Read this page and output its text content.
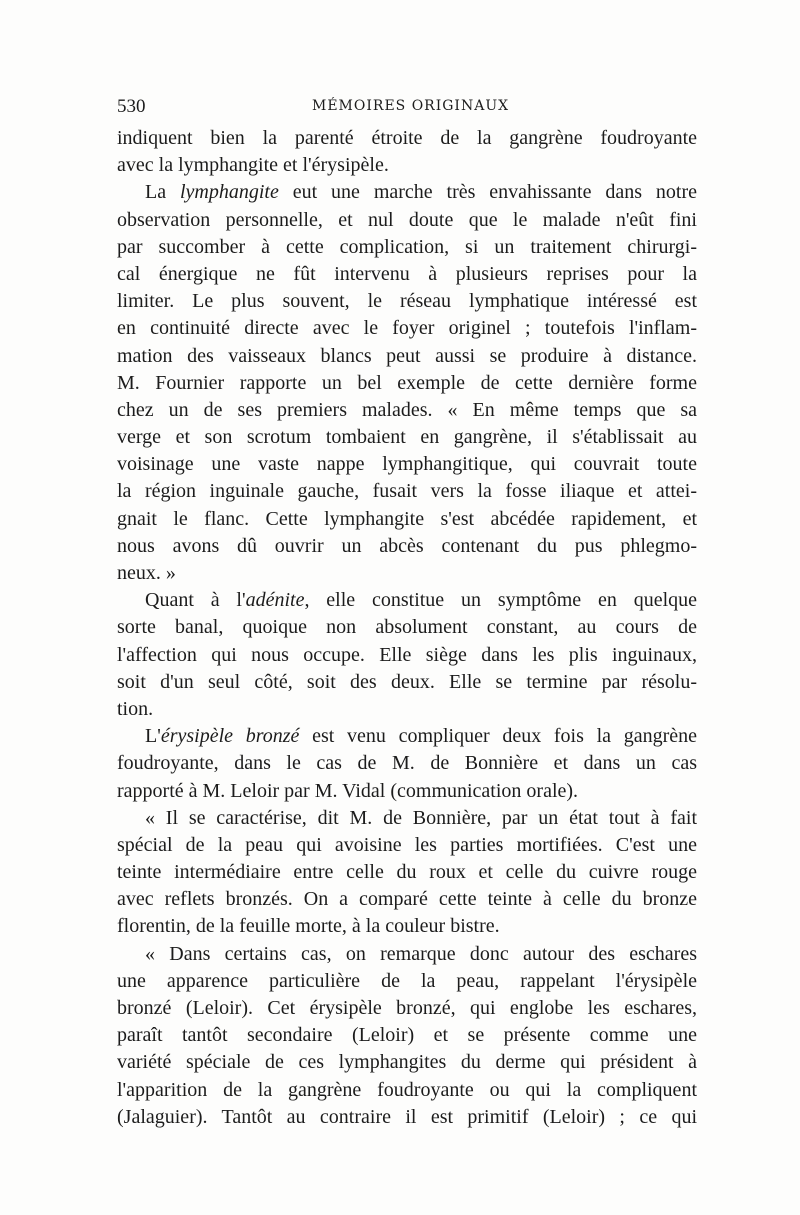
530	MÉMOIRES ORIGINAUX
indiquent bien la parenté étroite de la gangrène foudroyante
avec la lymphangite et l'érysipèle.
La lymphangite eut une marche très envahissante dans notre
observation personnelle, et nul doute que le malade n'eût fini
par succomber à cette complication, si un traitement chirurgi-
cal énergique ne fût intervenu à plusieurs reprises pour la
limiter. Le plus souvent, le réseau lymphatique intéressé est
en continuité directe avec le foyer originel ; toutefois l'inflam-
mation des vaisseaux blancs peut aussi se produire à distance.
M. Fournier rapporte un bel exemple de cette dernière forme
chez un de ses premiers malades. « En même temps que sa
verge et son scrotum tombaient en gangrène, il s'établissait au
voisinage une vaste nappe lymphangitique, qui couvrait toute
la région inguinale gauche, fusait vers la fosse iliaque et attei-
gnait le flanc. Cette lymphangite s'est abcédée rapidement, et
nous avons dû ouvrir un abcès contenant du pus phlegmo-
neux. »
Quant à l'adénite, elle constitue un symptôme en quelque
sorte banal, quoique non absolument constant, au cours de
l'affection qui nous occupe. Elle siège dans les plis inguinaux,
soit d'un seul côté, soit des deux. Elle se termine par résolu-
tion.
L'érysipèle bronzé est venu compliquer deux fois la gangrène
foudroyante, dans le cas de M. de Bonnière et dans un cas
rapporté à M. Leloir par M. Vidal (communication orale).
« Il se caractérise, dit M. de Bonnière, par un état tout à fait
spécial de la peau qui avoisine les parties mortifiées. C'est une
teinte intermédiaire entre celle du roux et celle du cuivre rouge
avec reflets bronzés. On a comparé cette teinte à celle du bronze
florentin, de la feuille morte, à la couleur bistre.
« Dans certains cas, on remarque donc autour des eschares
une apparence particulière de la peau, rappelant l'érysipèle
bronzé (Leloir). Cet érysipèle bronzé, qui englobe les eschares,
paraît tantôt secondaire (Leloir) et se présente comme une
variété spéciale de ces lymphangites du derme qui président à
l'apparition de la gangrène foudroyante ou qui la compliquent
(Jalaguier). Tantôt au contraire il est primitif (Leloir) ; ce qui
